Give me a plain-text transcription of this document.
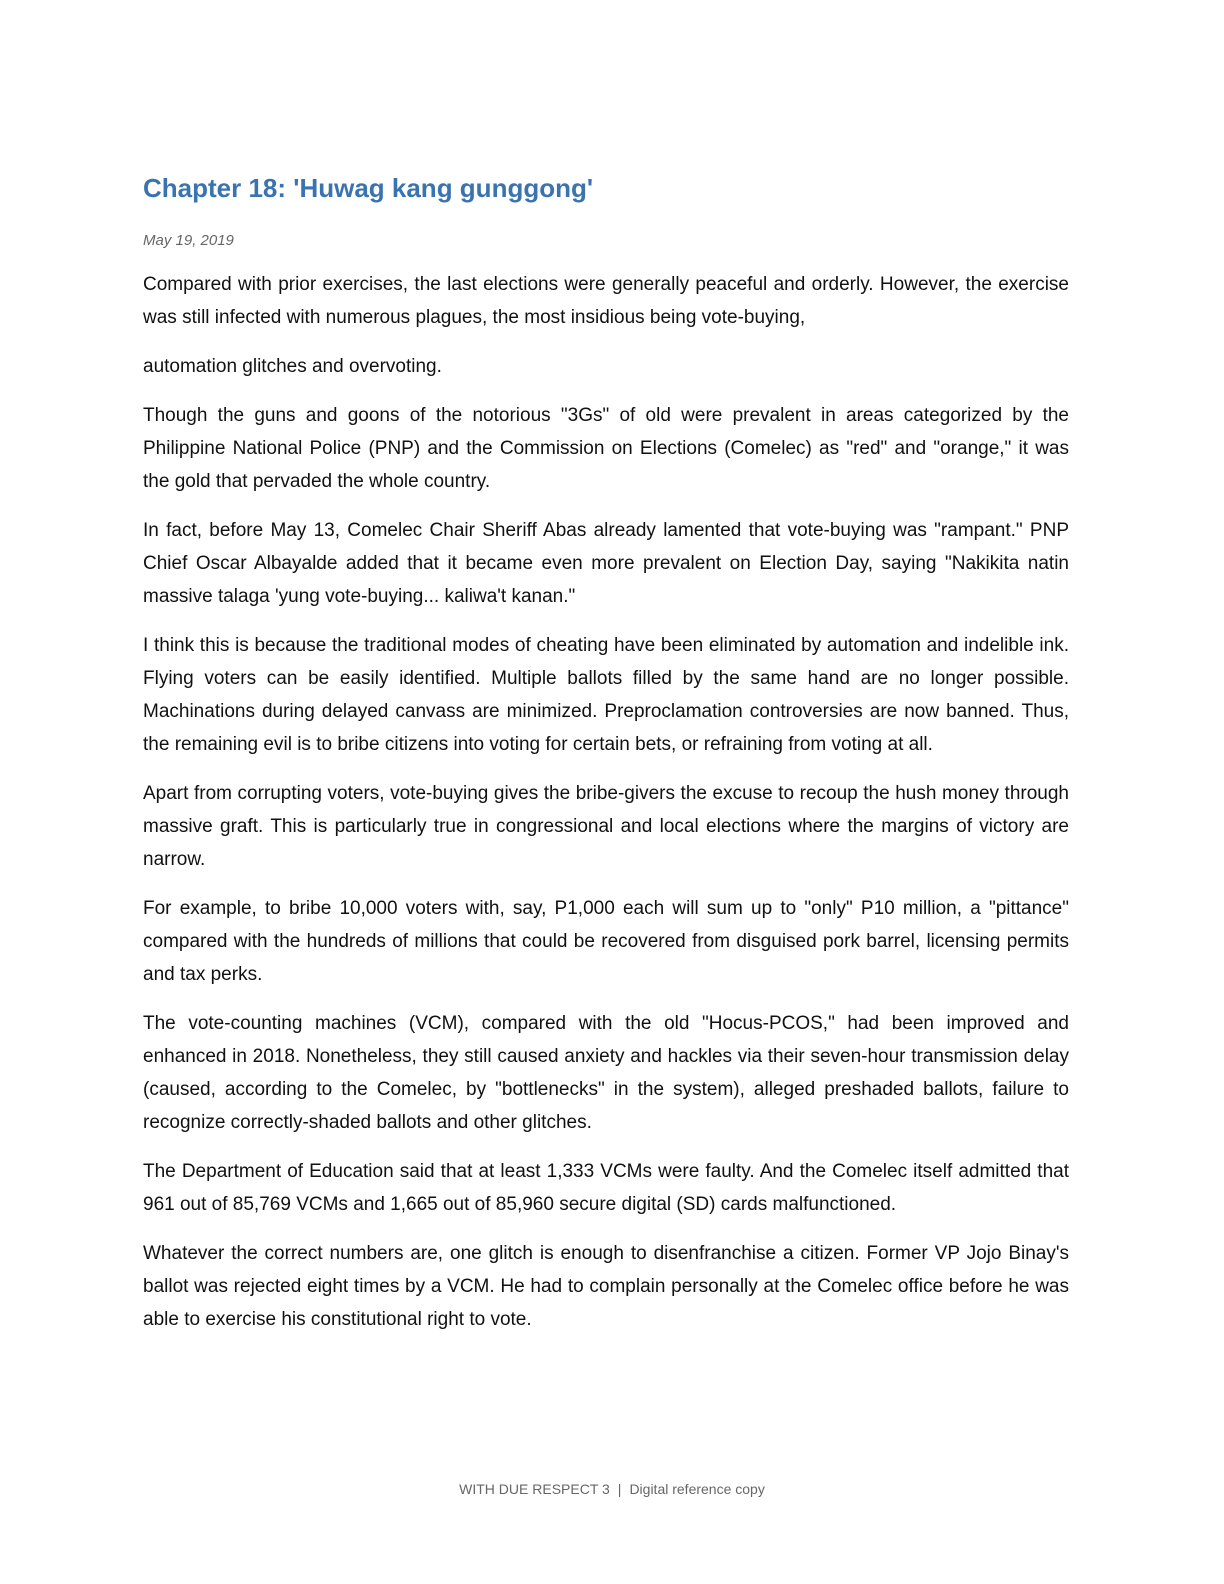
Chapter 18: 'Huwag kang gunggong'
May 19, 2019

Compared with prior exercises, the last elections were generally peaceful and orderly. However, the exercise was still infected with numerous plagues, the most insidious being vote-buying,

automation glitches and overvoting.

Though the guns and goons of the notorious "3Gs" of old were prevalent in areas categorized by the Philippine National Police (PNP) and the Commission on Elections (Comelec) as "red" and "orange," it was the gold that pervaded the whole country.

In fact, before May 13, Comelec Chair Sheriff Abas already lamented that vote-buying was "rampant." PNP Chief Oscar Albayalde added that it became even more prevalent on Election Day, saying "Nakikita natin massive talaga 'yung vote-buying... kaliwa't kanan."

I think this is because the traditional modes of cheating have been eliminated by automation and indelible ink. Flying voters can be easily identified. Multiple ballots filled by the same hand are no longer possible. Machinations during delayed canvass are minimized. Preproclamation controversies are now banned. Thus, the remaining evil is to bribe citizens into voting for certain bets, or refraining from voting at all.

Apart from corrupting voters, vote-buying gives the bribe-givers the excuse to recoup the hush money through massive graft. This is particularly true in congressional and local elections where the margins of victory are narrow.

For example, to bribe 10,000 voters with, say, P1,000 each will sum up to "only" P10 million, a "pittance" compared with the hundreds of millions that could be recovered from disguised pork barrel, licensing permits and tax perks.

The vote-counting machines (VCM), compared with the old "Hocus-PCOS," had been improved and enhanced in 2018. Nonetheless, they still caused anxiety and hackles via their seven-hour transmission delay (caused, according to the Comelec, by "bottlenecks" in the system), alleged preshaded ballots, failure to recognize correctly-shaded ballots and other glitches.

The Department of Education said that at least 1,333 VCMs were faulty. And the Comelec itself admitted that 961 out of 85,769 VCMs and 1,665 out of 85,960 secure digital (SD) cards malfunctioned.

Whatever the correct numbers are, one glitch is enough to disenfranchise a citizen. Former VP Jojo Binay's ballot was rejected eight times by a VCM. He had to complain personally at the Comelec office before he was able to exercise his constitutional right to vote.

WITH DUE RESPECT 3 | Digital reference copy
